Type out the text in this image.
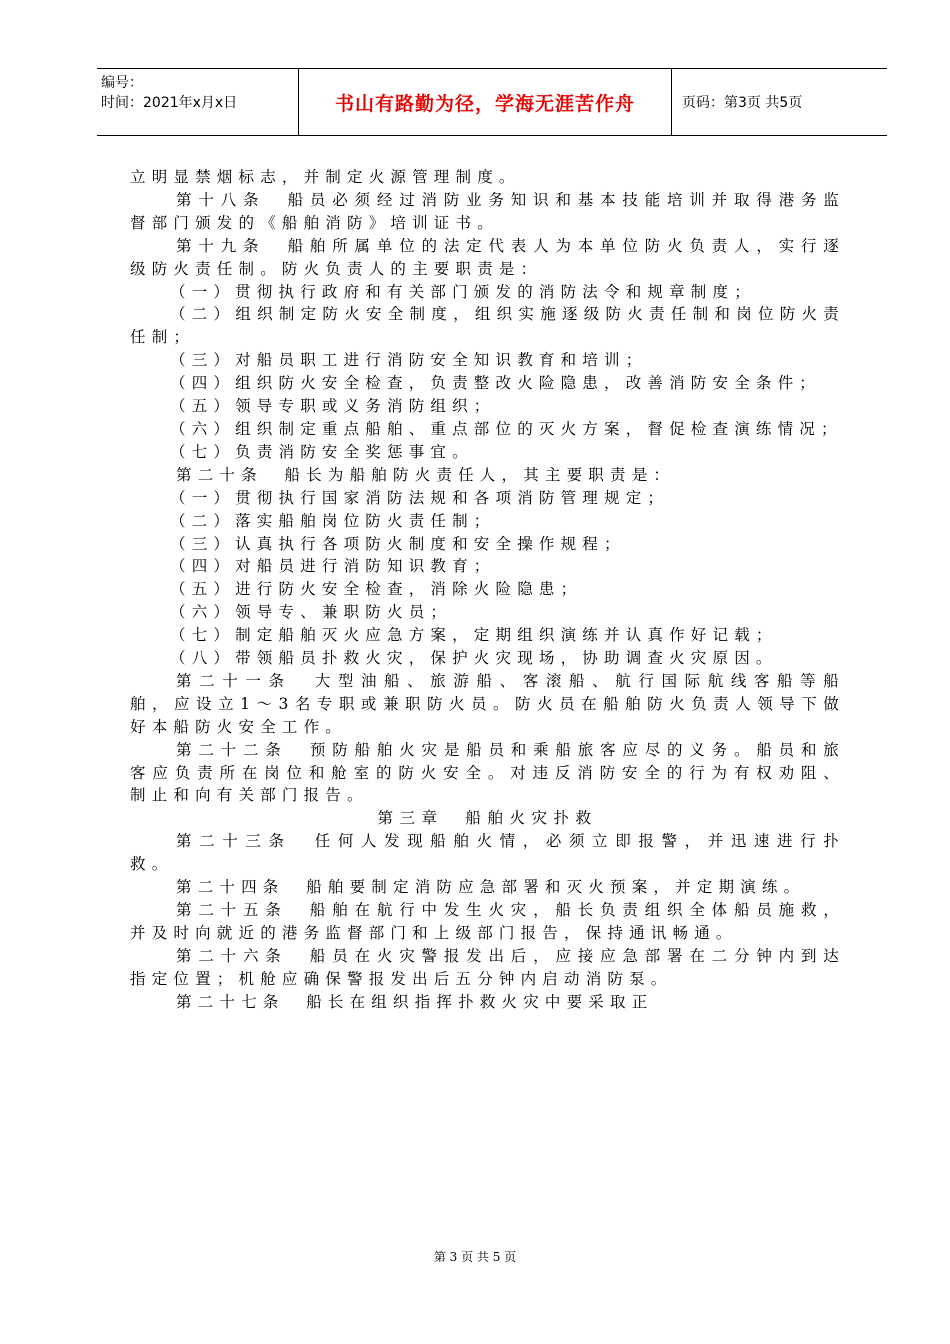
编号：
时间：2021年x月x日	书山有路勤为径，学海无涯苦作舟	页码：第3页 共5页

立明显禁烟标志，并制定火源管理制度。

第十八条　船员必须经过消防业务知识和基本技能培训并取得港务监督部门颁发的《船舶消防》培训证书。

第十九条　船舶所属单位的法定代表人为本单位防火负责人，实行逐级防火责任制。防火负责人的主要职责是：

（一）贯彻执行政府和有关部门颁发的消防法令和规章制度；

（二）组织制定防火安全制度，组织实施逐级防火责任制和岗位防火责任制；

（三）对船员职工进行消防安全知识教育和培训；

（四）组织防火安全检查，负责整改火险隐患，改善消防安全条件；

（五）领导专职或义务消防组织；

（六）组织制定重点船舶、重点部位的灭火方案，督促检查演练情况；

（七）负责消防安全奖惩事宜。

第二十条　船长为船舶防火责任人，其主要职责是：

（一）贯彻执行国家消防法规和各项消防管理规定；

（二）落实船舶岗位防火责任制；

（三）认真执行各项防火制度和安全操作规程；

（四）对船员进行消防知识教育；

（五）进行防火安全检查，消除火险隐患；

（六）领导专、兼职防火员；

（七）制定船舶灭火应急方案，定期组织演练并认真作好记载；

（八）带领船员扑救火灾，保护火灾现场，协助调查火灾原因。

第二十一条　大型油船、旅游船、客滚船、航行国际航线客船等船舶，应设立1～3名专职或兼职防火员。防火员在船舶防火负责人领导下做好本船防火安全工作。

第二十二条　预防船舶火灾是船员和乘船旅客应尽的义务。船员和旅客应负责所在岗位和舱室的防火安全。对违反消防安全的行为有权劝阻、制止和向有关部门报告。

第三章　船舶火灾扑救

第二十三条　任何人发现船舶火情，必须立即报警，并迅速进行扑救。

第二十四条　船舶要制定消防应急部署和灭火预案，并定期演练。

第二十五条　船舶在航行中发生火灾，船长负责组织全体船员施救，并及时向就近的港务监督部门和上级部门报告，保持通讯畅通。

第二十六条　船员在火灾警报发出后，应接应急部署在二分钟内到达指定位置；机舱应确保警报发出后五分钟内启动消防泵。

第二十七条　船长在组织指挥扑救火灾中要采取正

第 3 页 共 5 页
